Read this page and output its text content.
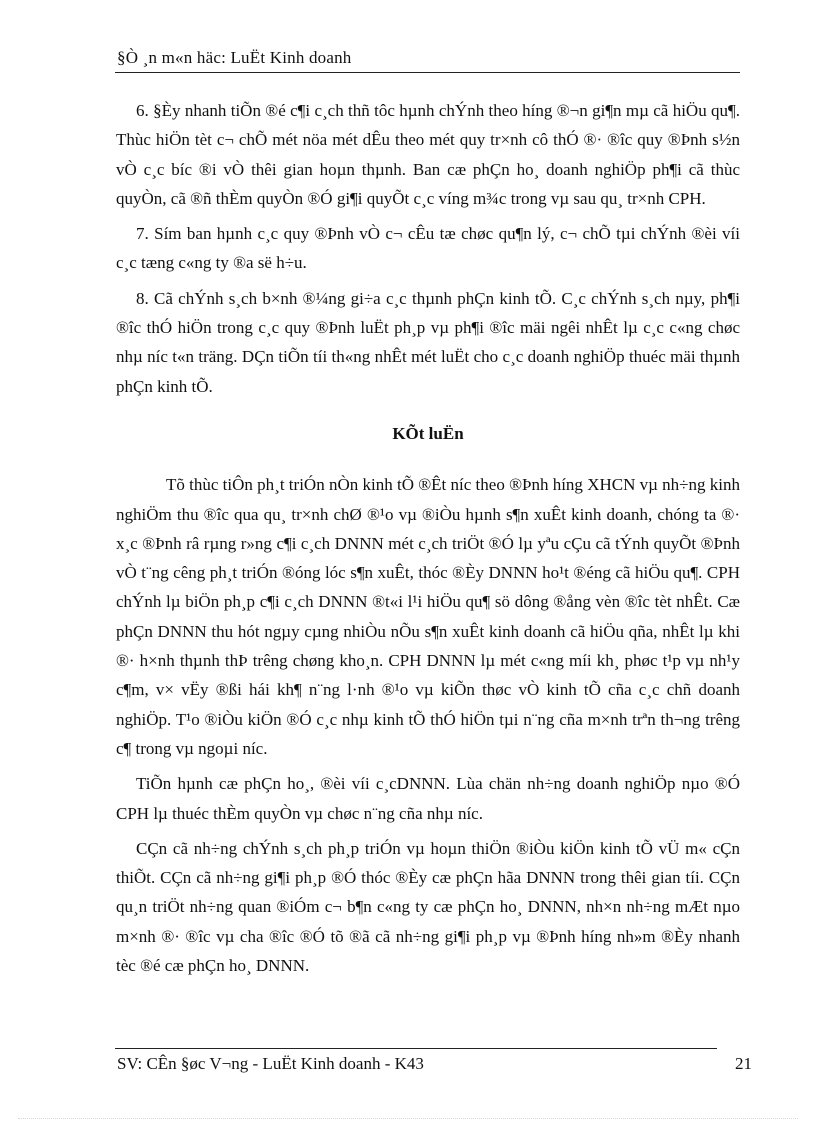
§Ò ¸n m«n häc: LuËt Kinh doanh

6. §Èy nhanh tiÕn ®é c¶i c¸ch thñ tôc hµnh chÝnh theo híng ®¬n gi¶n mµ cã hiÖu qu¶. Thùc hiÖn tèt c¬ chÕ mét nöa mét dÊu theo mét quy tr×nh cô thÓ ®· ®îc quy ®Þnh s½n vÒ c¸c bíc ®i vÒ thêi gian hoµn thµnh. Ban cæ phÇn ho¸ doanh nghiÖp ph¶i cã thùc quyÒn, cã ®ñ thÈm quyÒn ®Ó gi¶i quyÕt c¸c víng m¾c trong vµ sau qu¸ tr×nh CPH.

7. Sím ban hµnh c¸c quy ®Þnh vÒ c¬ cÊu tæ chøc qu¶n lý, c¬ chÕ tµi chÝnh ®èi víi c¸c tæng c«ng ty ®a së h÷u.

8. Cã chÝnh s¸ch b×nh ®¼ng gi÷a c¸c thµnh phÇn kinh tÕ. C¸c chÝnh s¸ch nµy, ph¶i ®îc thÓ hiÖn trong c¸c quy ®Þnh luËt ph¸p vµ ph¶i ®îc mäi ngêi nhÊt lµ c¸c c«ng chøc nhµ níc t«n träng. DÇn tiÕn tíi th«ng nhÊt mét luËt cho c¸c doanh nghiÖp thuéc mäi thµnh phÇn kinh tÕ.

KÕt luËn

Tõ thùc tiÔn ph¸t triÓn nÒn kinh tÕ ®Êt níc theo ®Þnh híng XHCN vµ nh÷ng kinh nghiÖm thu ®îc qua qu¸ tr×nh chØ ®¹o vµ ®iÒu hµnh s¶n xuÊt kinh doanh, chóng ta ®· x¸c ®Þnh râ rµng r»ng c¶i c¸ch DNNN mét c¸ch triÖt ®Ó lµ yªu cÇu cã tÝnh quyÕt ®Þnh vÒ t¨ng cêng ph¸t triÓn ®óng lóc s¶n xuÊt, thóc ®Èy DNNN ho¹t ®éng cã hiÖu qu¶. CPH chÝnh lµ biÖn ph¸p c¶i c¸ch DNNN ®t«i l¹i hiÖu qu¶ sö dông ®ång vèn ®îc tèt nhÊt. Cæ phÇn DNNN thu hót ngµy cµng nhiÒu nÕu s¶n xuÊt kinh doanh cã hiÖu qña, nhÊt lµ khi ®· h×nh thµnh thÞ trêng chøng kho¸n. CPH DNNN lµ mét c«ng míi kh¸ phøc t¹p vµ nh¹y c¶m, v× vËy ®ßi hái kh¶ n¨ng l·nh ®¹o vµ kiÕn thøc vÒ kinh tÕ cña c¸c chñ doanh nghiÖp. T¹o ®iÒu kiÖn ®Ó c¸c nhµ kinh tÕ thÓ hiÖn tµi n¨ng cña m×nh trªn th¬ng trêng c¶ trong vµ ngoµi níc.

TiÕn hµnh cæ phÇn ho¸, ®èi víi c¸cDNNN. Lùa chän nh÷ng doanh nghiÖp nµo ®Ó CPH lµ thuéc thÈm quyÒn vµ chøc n¨ng cña nhµ níc.

CÇn cã nh÷ng chÝnh s¸ch ph¸p triÓn vµ hoµn thiÖn ®iÒu kiÖn kinh tÕ vÜ m« cÇn thiÕt. CÇn cã nh÷ng gi¶i ph¸p ®Ó thóc ®Èy cæ phÇn hãa DNNN trong thêi gian tíi. CÇn qu¸n triÖt nh÷ng quan ®iÓm c¬ b¶n c«ng ty cæ phÇn ho¸ DNNN, nh×n nh÷ng mÆt nµo m×nh ®· ®îc vµ cha ®îc ®Ó tõ ®ã cã nh÷ng gi¶i ph¸p vµ ®Þnh híng nh»m ®Èy nhanh tèc ®é cæ phÇn ho¸ DNNN.

SV: CÊn §øc V¬ng - LuËt Kinh doanh - K43	21
